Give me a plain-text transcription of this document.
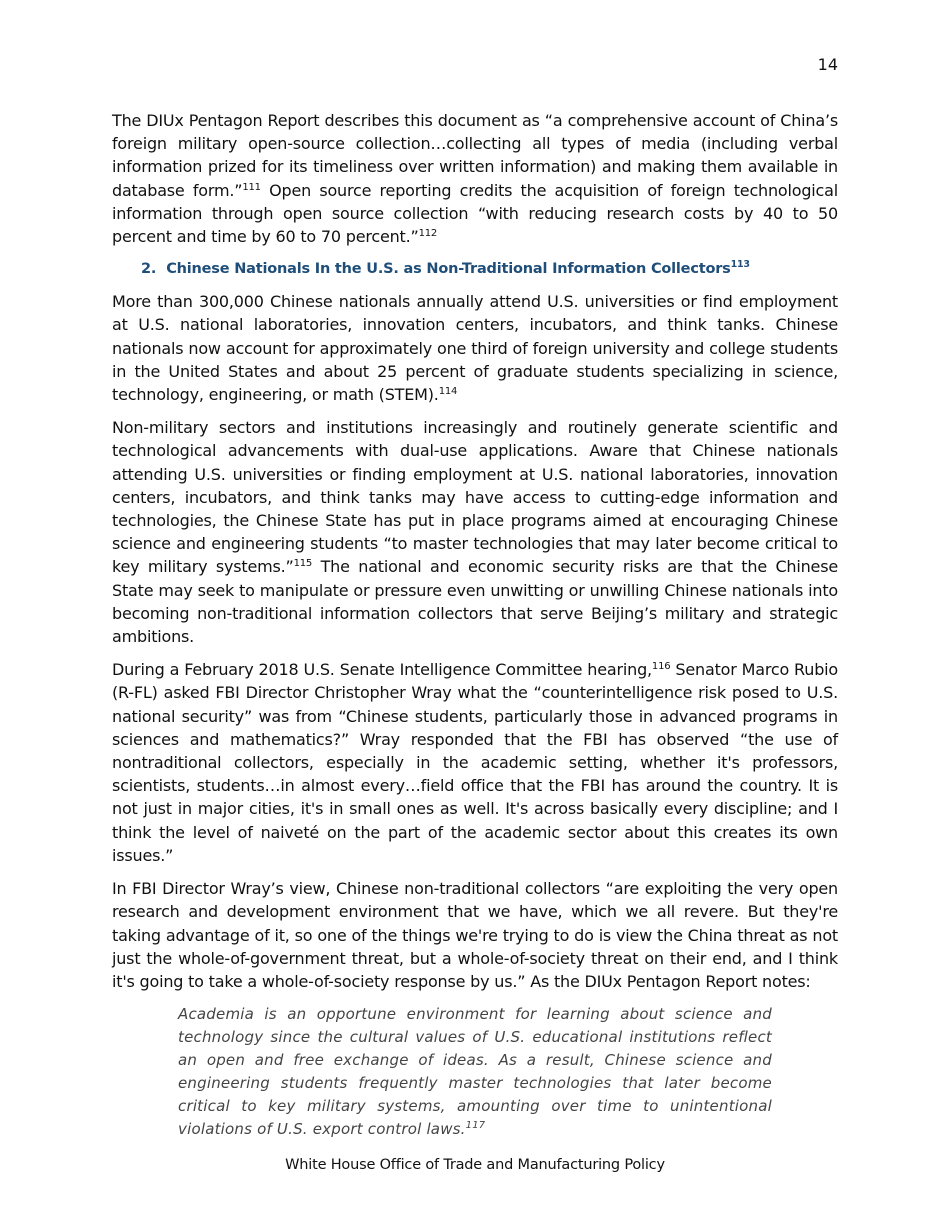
14

The DIUx Pentagon Report describes this document as “a comprehensive account of China’s foreign military open-source collection…collecting all types of media (including verbal information prized for its timeliness over written information) and making them available in database form.”$^{111}$ Open source reporting credits the acquisition of foreign technological information through open source collection “with reducing research costs by 40 to 50 percent and time by 60 to 70 percent.”$^{112}$

2. Chinese Nationals In the U.S. as Non-Traditional Information Collectors$^{113}$

More than 300,000 Chinese nationals annually attend U.S. universities or find employment at U.S. national laboratories, innovation centers, incubators, and think tanks. Chinese nationals now account for approximately one third of foreign university and college students in the United States and about 25 percent of graduate students specializing in science, technology, engineering, or math (STEM).$^{114}$

Non-military sectors and institutions increasingly and routinely generate scientific and technological advancements with dual-use applications. Aware that Chinese nationals attending U.S. universities or finding employment at U.S. national laboratories, innovation centers, incubators, and think tanks may have access to cutting-edge information and technologies, the Chinese State has put in place programs aimed at encouraging Chinese science and engineering students “to master technologies that may later become critical to key military systems.”$^{115}$ The national and economic security risks are that the Chinese State may seek to manipulate or pressure even unwitting or unwilling Chinese nationals into becoming non-traditional information collectors that serve Beijing’s military and strategic ambitions.

During a February 2018 U.S. Senate Intelligence Committee hearing,$^{116}$ Senator Marco Rubio (R-FL) asked FBI Director Christopher Wray what the “counterintelligence risk posed to U.S. national security” was from “Chinese students, particularly those in advanced programs in sciences and mathematics?” Wray responded that the FBI has observed “the use of nontraditional collectors, especially in the academic setting, whether it's professors, scientists, students…in almost every…field office that the FBI has around the country. It is not just in major cities, it's in small ones as well. It's across basically every discipline; and I think the level of naiveté on the part of the academic sector about this creates its own issues.”

In FBI Director Wray’s view, Chinese non-traditional collectors “are exploiting the very open research and development environment that we have, which we all revere. But they're taking advantage of it, so one of the things we're trying to do is view the China threat as not just the whole-of-government threat, but a whole-of-society threat on their end, and I think it's going to take a whole-of-society response by us.” As the DIUx Pentagon Report notes:

Academia is an opportune environment for learning about science and technology since the cultural values of U.S. educational institutions reflect an open and free exchange of ideas. As a result, Chinese science and engineering students frequently master technologies that later become critical to key military systems, amounting over time to unintentional violations of U.S. export control laws.$^{117}$
White House Office of Trade and Manufacturing Policy
